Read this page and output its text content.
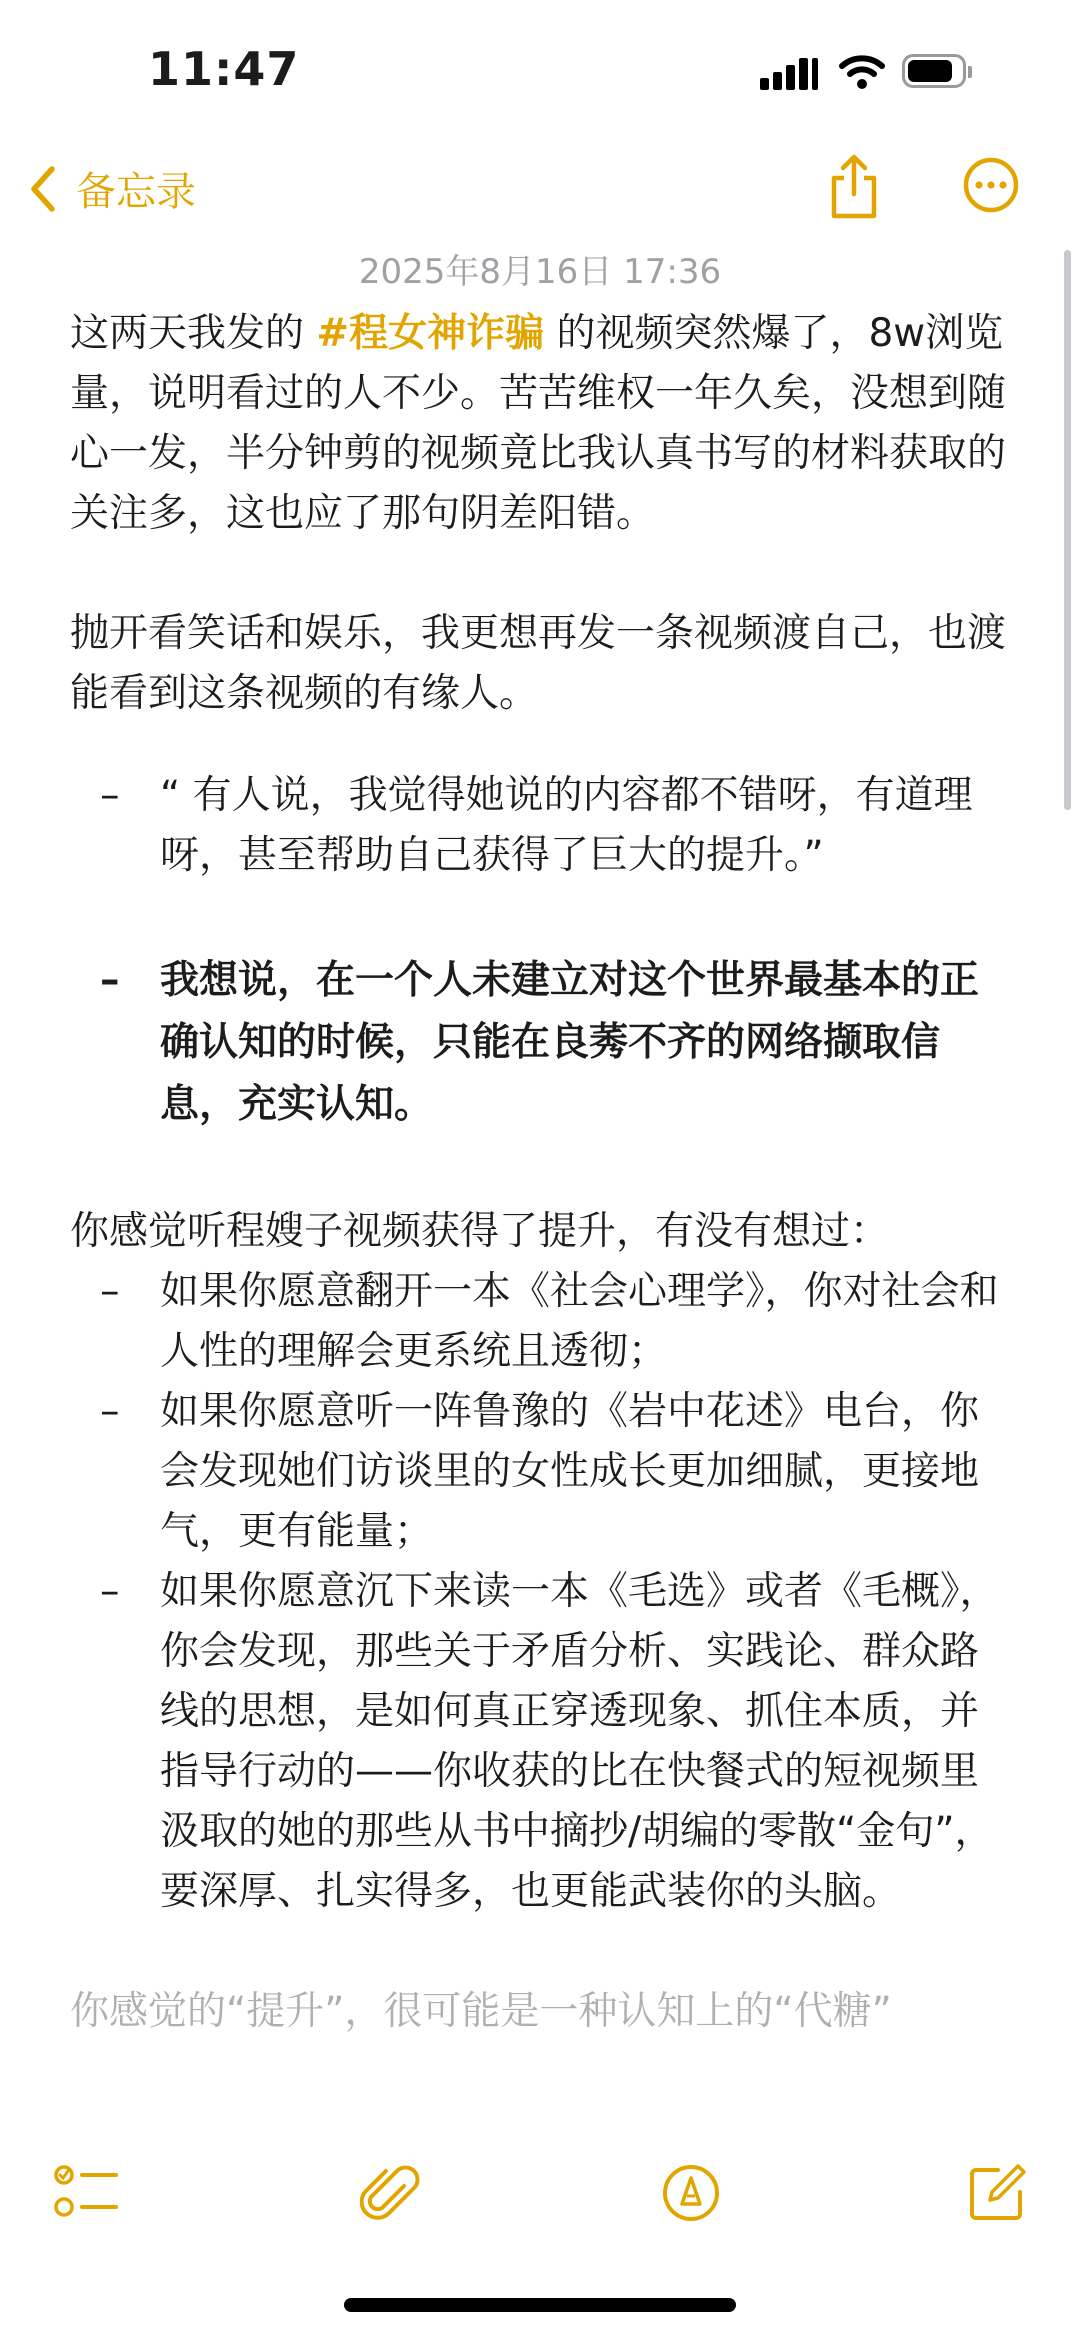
11:47
备忘录
2025年8月16日 17:36

这两天我发的 #程女神诈骗 的视频突然爆了，8w浏览量，说明看过的人不少。苦苦维权一年久矣，没想到随心一发，半分钟剪的视频竟比我认真书写的材料获取的关注多，这也应了那句阴差阳错。

抛开看笑话和娱乐，我更想再发一条视频渡自己，也渡能看到这条视频的有缘人。

– “ 有人说，我觉得她说的内容都不错呀，有道理呀，甚至帮助自己获得了巨大的提升。”

– 我想说，在一个人未建立对这个世界最基本的正确认知的时候，只能在良莠不齐的网络撷取信息，充实认知。

你感觉听程嫂子视频获得了提升，有没有想过：

– 如果你愿意翻开一本《社会心理学》，你对社会和人性的理解会更系统且透彻；

– 如果你愿意听一阵鲁豫的《岩中花述》电台，你会发现她们访谈里的女性成长更加细腻，更接地气，更有能量；

– 如果你愿意沉下来读一本《毛选》或者《毛概》，你会发现，那些关于矛盾分析、实践论、群众路线的思想，是如何真正穿透现象、抓住本质，并指导行动的——你收获的比在快餐式的短视频里汲取的她的那些从书中摘抄/胡编的零散“金句”，要深厚、扎实得多，也更能武装你的头脑。

你感觉的“提升”，很可能是一种认知上的“代糖”
